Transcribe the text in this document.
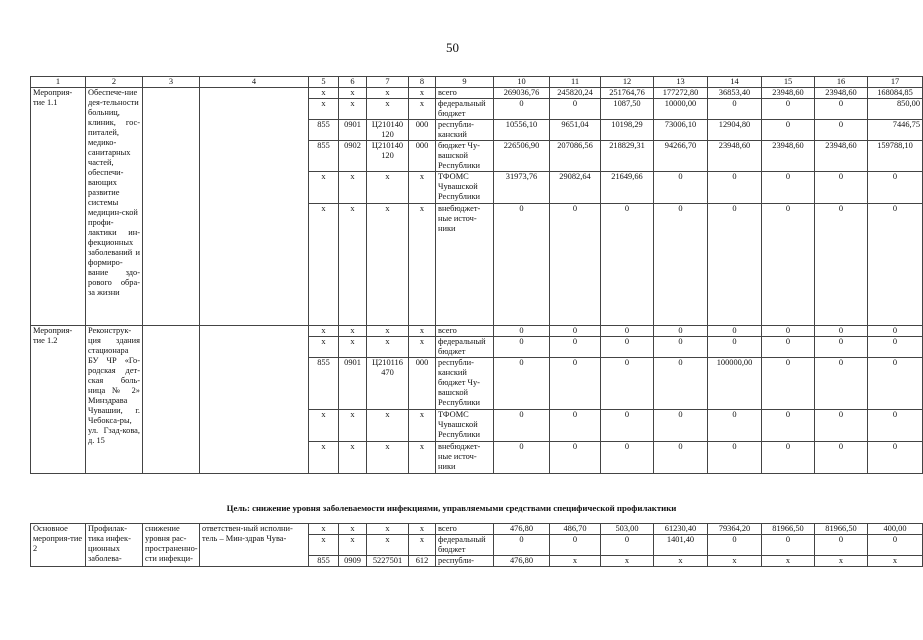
50
1	2	3	4	5	6	7	8	9	10	11	12	13	14	15	16	17
Мероприя-тие 1.1	Обеспече-ние дея-тельности больниц, клиник, гос-питалей, медико-санитарных частей, обеспечи-вающих развитие системы медицин-ской профи-лактики ин-фекционных заболеваний и формиро-вание здо-рового обра-за жизни			x	x	x	x	всего	269036,76	245820,24	251764,76	177272,80	36853,40	23948,60	23948,60	168084,85
				x	x	x	x	федеральный бюджет	0	0	1087,50	10000,00	0	0	0	850,00
				855	0901	Ц210140 120	000	республи-канский	10556,10	9651,04	10198,29	73006,10	12904,80	0	0	7446,75
				855	0902	Ц210140 120	000	бюджет Чу-вашской Республики	226506,90	207086,56	218829,31	94266,70	23948,60	23948,60	23948,60	159788,10
				x	x	x	x	ТФОМС Чувашской Республики	31973,76	29082,64	21649,66	0	0	0	0	0
				x	x	x	x	внебюджет-ные источ-ники	0	0	0	0	0	0	0	0
Мероприя-тие 1.2	Реконструк-ция здания стационара БУ ЧР «Го-родская дет-ская боль-ница № 2» Минздрава Чувашии, г. Чебокса-ры, ул. Гзад-кова, д. 15			x	x	x	x	всего	0	0	0	0	0	0	0	0
				x	x	x	x	федеральный бюджет	0	0	0	0	0	0	0	0
				855	0901	Ц210116 470	000	республи-канский бюджет Чу-вашской Республики	0	0	0	0	100000,00	0	0	0
				x	x	x	x	ТФОМС Чувашской Республики	0	0	0	0	0	0	0	0
				x	x	x	x	внебюджет-ные источ-ники	0	0	0	0	0	0	0	0
Цель: снижение уровня заболеваемости инфекциями, управляемыми средствами специфической профилактики
Основное мероприя-тие 2	Профилак-тика инфек-ционных заболева-	снижение уровня рас-пространенно-сти инфекци-	ответствен-ный исполни-тель – Мин-здрав Чува-	x	x	x	x	всего	476,80	486,70	503,00	61230,40	79364,20	81966,50	81966,50	400,00
				x	x	x	x	федеральный бюджет	0	0	0	1401,40	0	0	0	0
				855	0909	5227501	612	республи-	476,80	x	x	x	x	x	x	x
